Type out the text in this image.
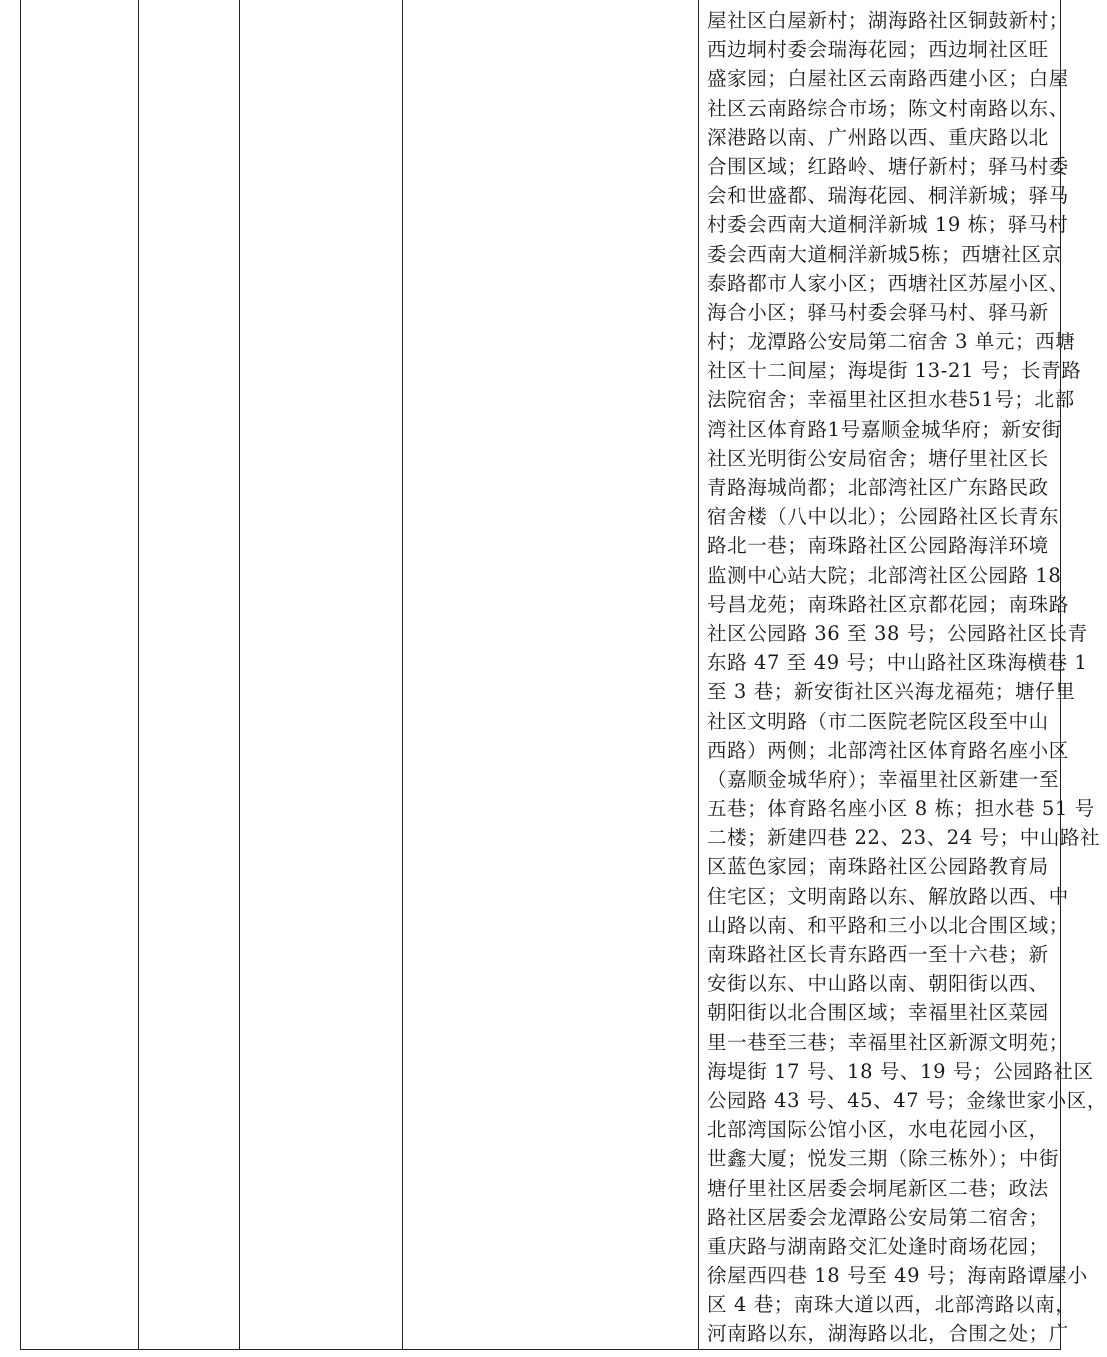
屋社区白屋新村；湖海路社区铜鼓新村；
西边垌村委会瑞海花园；西边垌社区旺
盛家园；白屋社区云南路西建小区；白屋
社区云南路综合市场；陈文村南路以东、
深港路以南、广州路以西、重庆路以北
合围区域；红路岭、塘仔新村；驿马村委
会和世盛都、瑞海花园、桐洋新城；驿马
村委会西南大道桐洋新城 19 栋；驿马村
委会西南大道桐洋新城5栋；西塘社区京
泰路都市人家小区；西塘社区苏屋小区、
海合小区；驿马村委会驿马村、驿马新
村；龙潭路公安局第二宿舍 3 单元；西塘
社区十二间屋；海堤街 13-21 号；长青路
法院宿舍；幸福里社区担水巷51号；北部
湾社区体育路1号嘉顺金城华府；新安街
社区光明街公安局宿舍；塘仔里社区长
青路海城尚都；北部湾社区广东路民政
宿舍楼（八中以北）；公园路社区长青东
路北一巷；南珠路社区公园路海洋环境
监测中心站大院；北部湾社区公园路 18
号昌龙苑；南珠路社区京都花园；南珠路
社区公园路 36 至 38 号；公园路社区长青
东路 47 至 49 号；中山路社区珠海横巷 1
至 3 巷；新安街社区兴海龙福苑；塘仔里
社区文明路（市二医院老院区段至中山
西路）两侧；北部湾社区体育路名座小区
（嘉顺金城华府）；幸福里社区新建一至
五巷；体育路名座小区 8 栋；担水巷 51 号
二楼；新建四巷 22、23、24 号；中山路社
区蓝色家园；南珠路社区公园路教育局
住宅区；文明南路以东、解放路以西、中
山路以南、和平路和三小以北合围区域；
南珠路社区长青东路西一至十六巷；新
安街以东、中山路以南、朝阳街以西、
朝阳街以北合围区域；幸福里社区菜园
里一巷至三巷；幸福里社区新源文明苑；
海堤街 17 号、18 号、19 号；公园路社区
公园路 43 号、45、47 号；金缘世家小区，
北部湾国际公馆小区，水电花园小区，
世鑫大厦；悦发三期（除三栋外）；中街
塘仔里社区居委会垌尾新区二巷；政法
路社区居委会龙潭路公安局第二宿舍；
重庆路与湖南路交汇处逢时商场花园；
徐屋西四巷 18 号至 49 号；海南路谭屋小
区 4 巷；南珠大道以西，北部湾路以南，
河南路以东，湖海路以北，合围之处；广
